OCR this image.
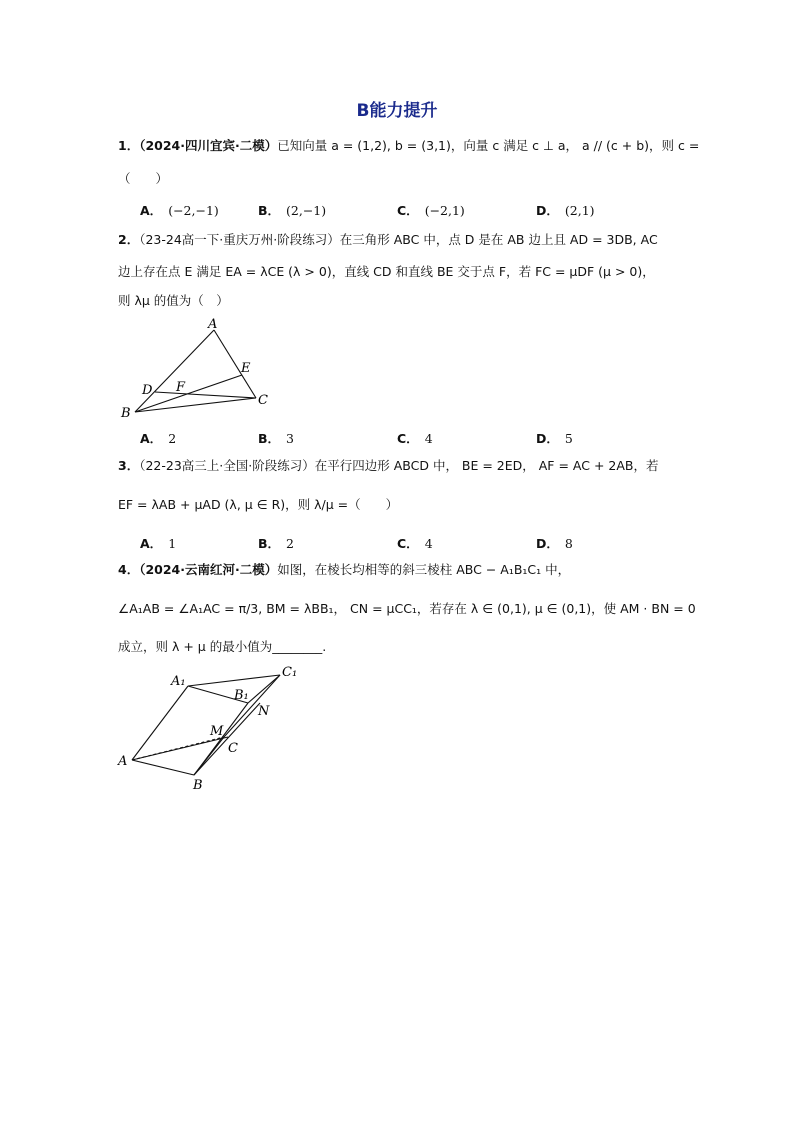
B能力提升
1．（2024·四川宜宾·二模）已知向量 a = (1,2), b = (3,1)，向量 c 满足 c ⊥ a， a // (c + b)，则 c =
（　　）
A． (−2,−1)	B． (2,−1)	C． (−2,1)	D． (2,1)
2．（23-24高一下·重庆万州·阶段练习）在三角形 ABC 中，点 D 是在 AB 边上且 AD = 3DB, AC
边上存在点 E 满足 EA = λCE (λ > 0)，直线 CD 和直线 BE 交于点 F，若 FC = μDF (μ > 0)，
则 λμ 的值为（　）
A
E
D F
C
B
A． 2	B． 3	C． 4	D． 5
3．（22-23高三上·全国·阶段练习）在平行四边形 ABCD 中， BE = 2ED， AF = AC + 2AB，若
EF = λAB + μAD (λ, μ ∈ R)，则 λ/μ =（　　）
A． 1	B． 2	C． 4	D． 8
4．（2024·云南红河·二模）如图，在棱长均相等的斜三棱柱 ABC − A₁B₁C₁ 中，
∠A₁AB = ∠A₁AC = π/3, BM = λBB₁， CN = μCC₁，若存在 λ ∈ (0,1), μ ∈ (0,1)，使 AM · BN = 0
成立，则 λ + μ 的最小值为________.
A₁
C₁
B₁
N
M
C
A
B
